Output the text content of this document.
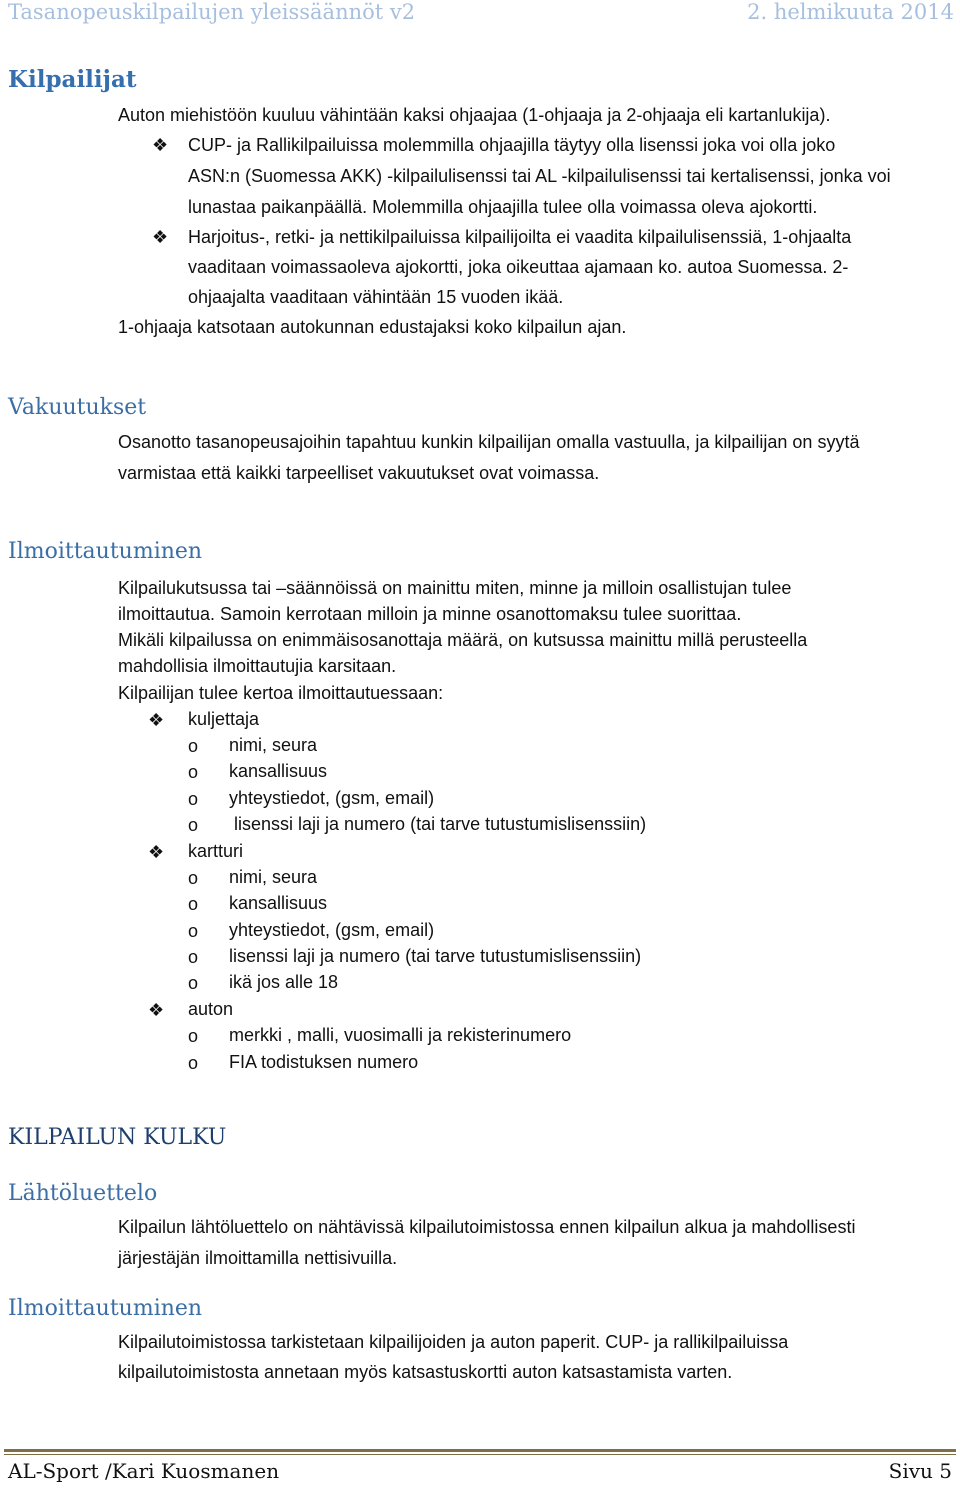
Tasanopeuskilpailujen yleissäännöt v2	2. helmikuuta 2014
Kilpailijat
Auton miehistöön kuuluu vähintään kaksi ohjaajaa (1-ohjaaja ja 2-ohjaaja eli kartanlukija).
❖ CUP- ja Rallikilpailuissa molemmilla ohjaajilla täytyy olla lisenssi joka voi olla joko
ASN:n (Suomessa AKK) -kilpailulisenssi tai AL -kilpailulisenssi tai kertalisenssi, jonka voi
lunastaa paikanpäällä. Molemmilla ohjaajilla tulee olla voimassa oleva ajokortti.
❖ Harjoitus-, retki- ja nettikilpailuissa kilpailijoilta ei vaadita kilpailulisenssiä, 1-ohjaalta
vaaditaan voimassaoleva ajokortti, joka oikeuttaa ajamaan ko. autoa Suomessa. 2-
ohjaajalta vaaditaan vähintään 15 vuoden ikää.
1-ohjaaja katsotaan autokunnan edustajaksi koko kilpailun ajan.
Vakuutukset
Osanotto tasanopeusajoihin tapahtuu kunkin kilpailijan omalla vastuulla, ja kilpailijan on syytä
varmistaa että kaikki tarpeelliset vakuutukset ovat voimassa.
Ilmoittautuminen
Kilpailukutsussa tai –säännöissä on mainittu miten, minne ja milloin osallistujan tulee
ilmoittautua. Samoin kerrotaan milloin ja minne osanottomaksu tulee suorittaa.
Mikäli kilpailussa on enimmäisosanottaja määrä, on kutsussa mainittu millä perusteella
mahdollisia ilmoittautujia karsitaan.
Kilpailijan tulee kertoa ilmoittautuessaan:
❖ kuljettaja
o nimi, seura
o kansallisuus
o yhteystiedot, (gsm, email)
o lisenssi laji ja numero (tai tarve tutustumislisenssiin)
❖ kartturi
o nimi, seura
o kansallisuus
o yhteystiedot, (gsm, email)
o lisenssi laji ja numero (tai tarve tutustumislisenssiin)
o ikä jos alle 18
❖ auton
o merkki , malli, vuosimalli ja rekisterinumero
o FIA todistuksen numero
KILPAILUN KULKU
Lähtöluettelo
Kilpailun lähtöluettelo on nähtävissä kilpailutoimistossa ennen kilpailun alkua ja mahdollisesti
järjestäjän ilmoittamilla nettisivuilla.
Ilmoittautuminen
Kilpailutoimistossa tarkistetaan kilpailijoiden ja auton paperit. CUP- ja rallikilpailuissa
kilpailutoimistosta annetaan myös katsastuskortti auton katsastamista varten.
AL-Sport /Kari Kuosmanen	Sivu 5
